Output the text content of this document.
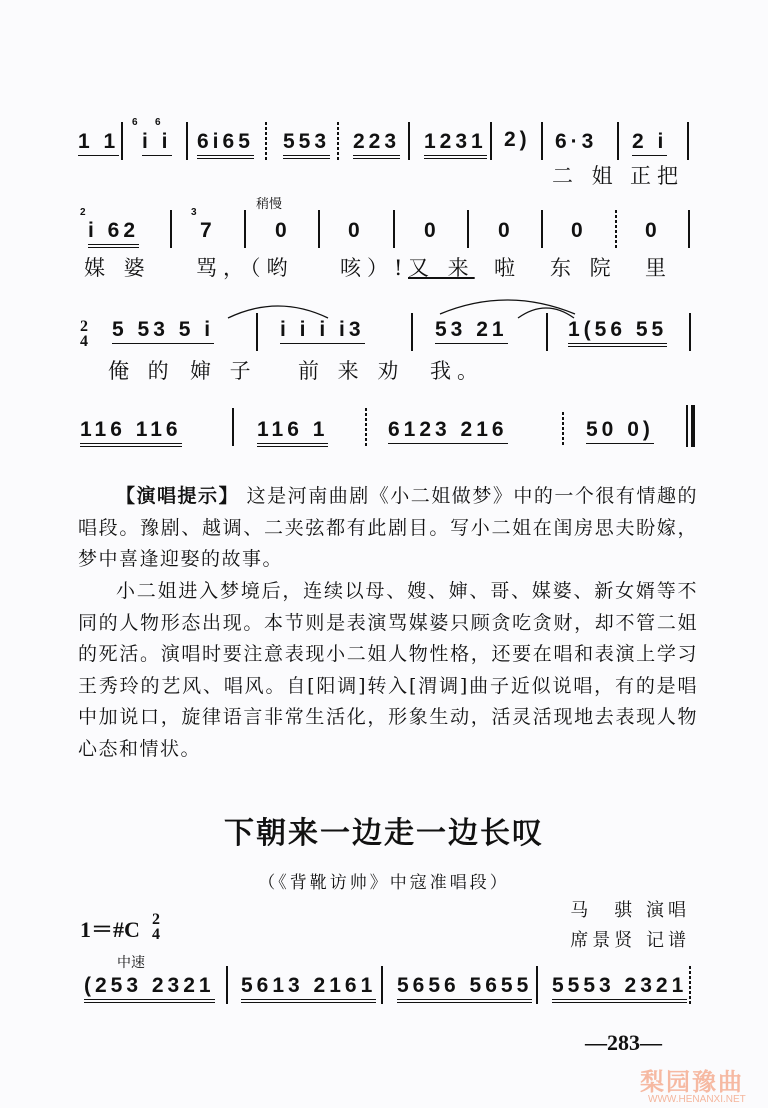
1 1
6 6
i i 6i65 553 223 1231 2) 6·3 2 i
二 姐 正把
稍慢
2
i 62
3
7	0	0	0	0	0	0
媒 婆 骂，（哟 咳）! 又 来 啦 东 院 里
2
4
5 53 5 i	i i i i3	53 21	1(56 55
俺 的 婶 子 前 来 劝 我。
116 116	116 1	6123 216	50 0)
【演唱提示】 这是河南曲剧《小二姐做梦》中的一个很有情趣的唱段。豫剧、越调、二夹弦都有此剧目。写小二姐在闺房思夫盼嫁，梦中喜逢迎娶的故事。
小二姐进入梦境后，连续以母、嫂、婶、哥、媒婆、新女婿等不同的人物形态出现。本节则是表演骂媒婆只顾贪吃贪财，却不管二姐的死活。演唱时要注意表现小二姐人物性格，还要在唱和表演上学习王秀玲的艺风、唱风。自[阳调]转入[渭调]曲子近似说唱，有的是唱中加说口，旋律语言非常生活化，形象生动，活灵活现地去表现人物心态和情状。
下朝来一边走一边长叹
（《背靴访帅》中寇准唱段）
马　骐 演唱
席景贤 记谱
1＝#C 2
4
中速
(253 2321 5613 2161 5656 5655 5553 2321
—283—
梨园豫曲
WWW.HENANXI.NET
